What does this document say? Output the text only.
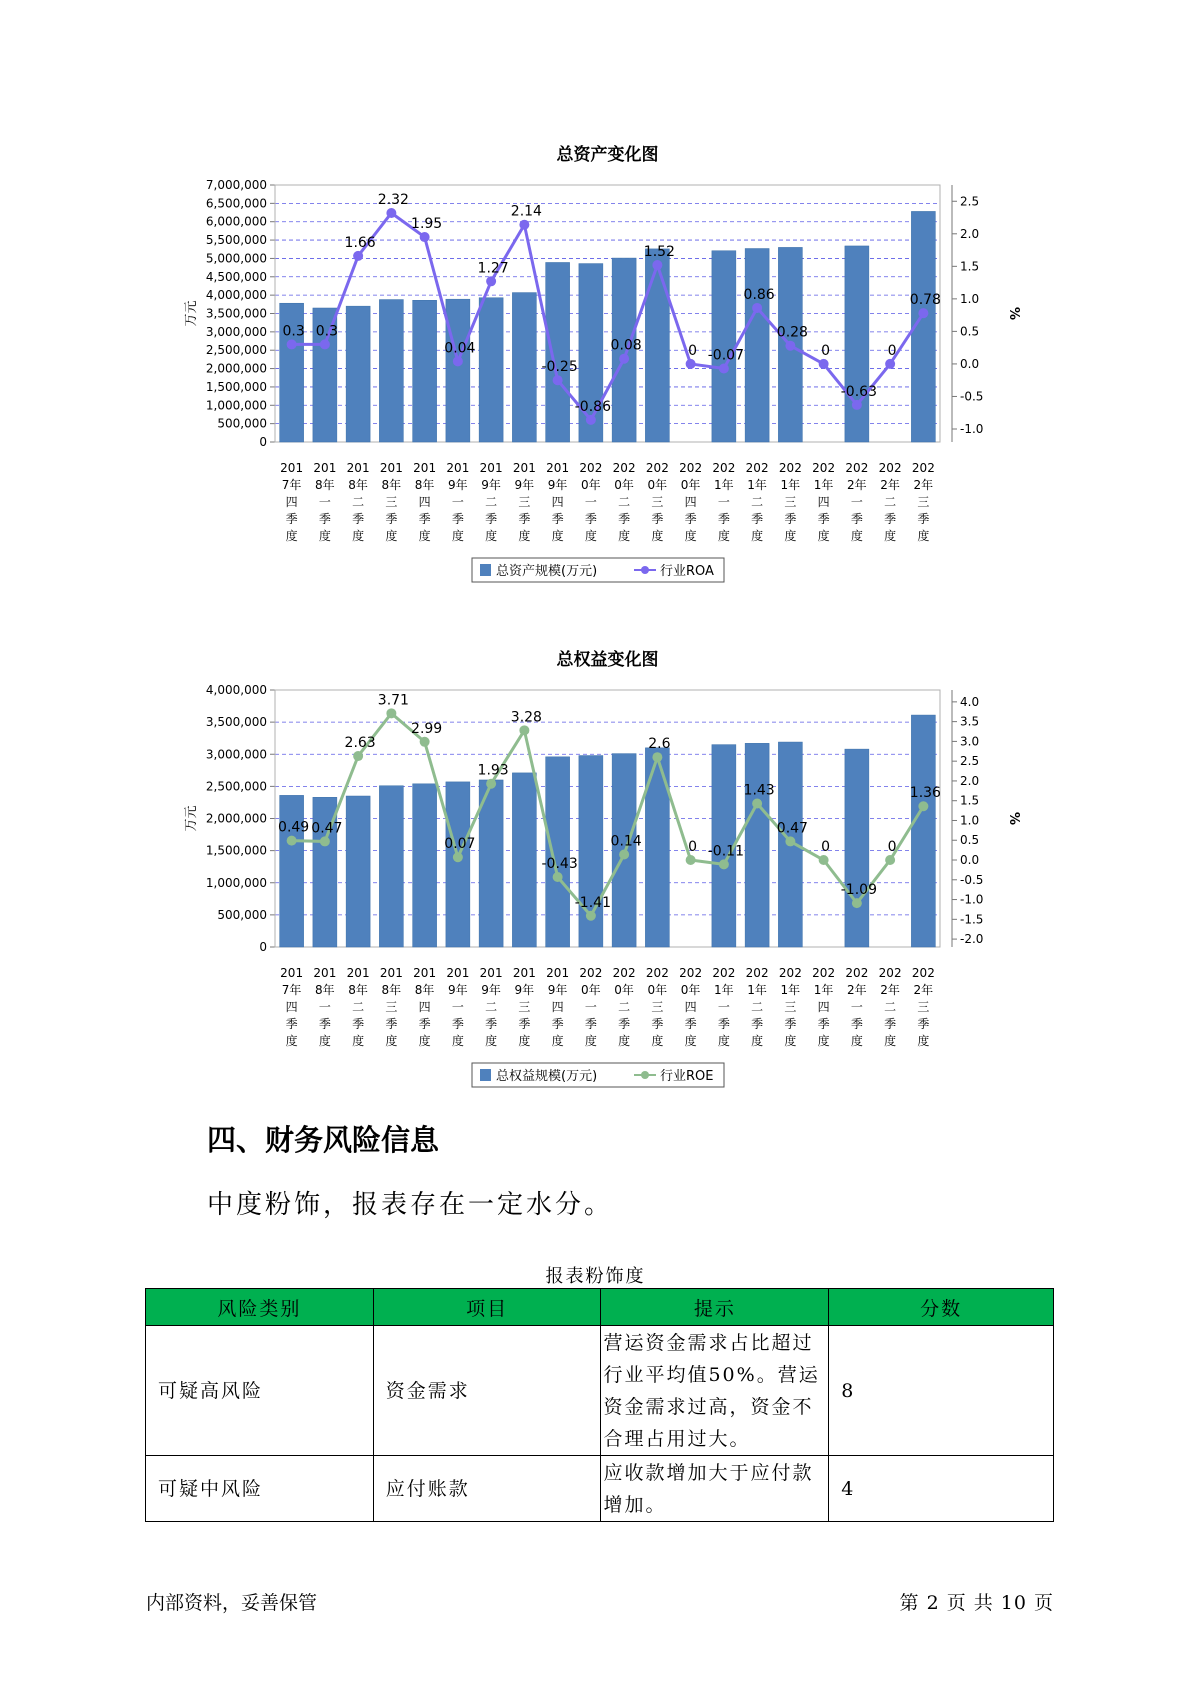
总资产变化图
0
500,000
1,000,000
1,500,000
2,000,000
2,500,000
3,000,000
3,500,000
4,000,000
4,500,000
5,000,000
5,500,000
6,000,000
6,500,000
7,000,000
-1.0
-0.5
0.0
0.5
1.0
1.5
2.0
2.5
万元	%
0.3 0.3
1.66
2.32
1.95
0.04
1.27
2.14
-0.25
-0.86
0.08
1.52
0 -0.07
0.86
0.28
0
-0.63
0
0.78
201 7年四季度
201 8年一季度
201 8年二季度
201 8年三季度
201 8年四季度
201 9年一季度
201 9年二季度
201 9年三季度
201 9年四季度
202 0年一季度
202 0年二季度
202 0年三季度
202 0年四季度
202 1年一季度
202 1年二季度
202 1年三季度
202 1年四季度
202 2年一季度
202 2年二季度
202 2年三季度
总资产规模(万元)	行业ROA
总权益变化图
0
500,000
1,000,000
1,500,000
2,000,000
2,500,000
3,000,000
3,500,000
4,000,000
-2.0
-1.5
-1.0
-0.5
0.0
0.5
1.0
1.5
2.0
2.5
3.0
3.5
4.0
万元	%
0.49 0.47
2.63
3.71
2.99
0.07
1.93
3.28
-0.43
-1.41
0.14
2.6
0 -0.11
1.43
0.47
0
-1.09
0
1.36
201 7年四季度
201 8年一季度
201 8年二季度
201 8年三季度
201 8年四季度
201 9年一季度
201 9年二季度
201 9年三季度
201 9年四季度
202 0年一季度
202 0年二季度
202 0年三季度
202 0年四季度
202 1年一季度
202 1年二季度
202 1年三季度
202 1年四季度
202 2年一季度
202 2年二季度
202 2年三季度
总权益规模(万元)	行业ROE
四、财务风险信息

中度粉饰，报表存在一定水分。

报表粉饰度
风险类别	项目	提示	分数
可疑高风险	资金需求	营运资金需求占比超过行业平均值50%。营运资金需求过高，资金不合理占用过大。	8
可疑中风险	应付账款	应收款增加大于应付款增加。	4
内部资料，妥善保管	第 2 页 共 10 页
